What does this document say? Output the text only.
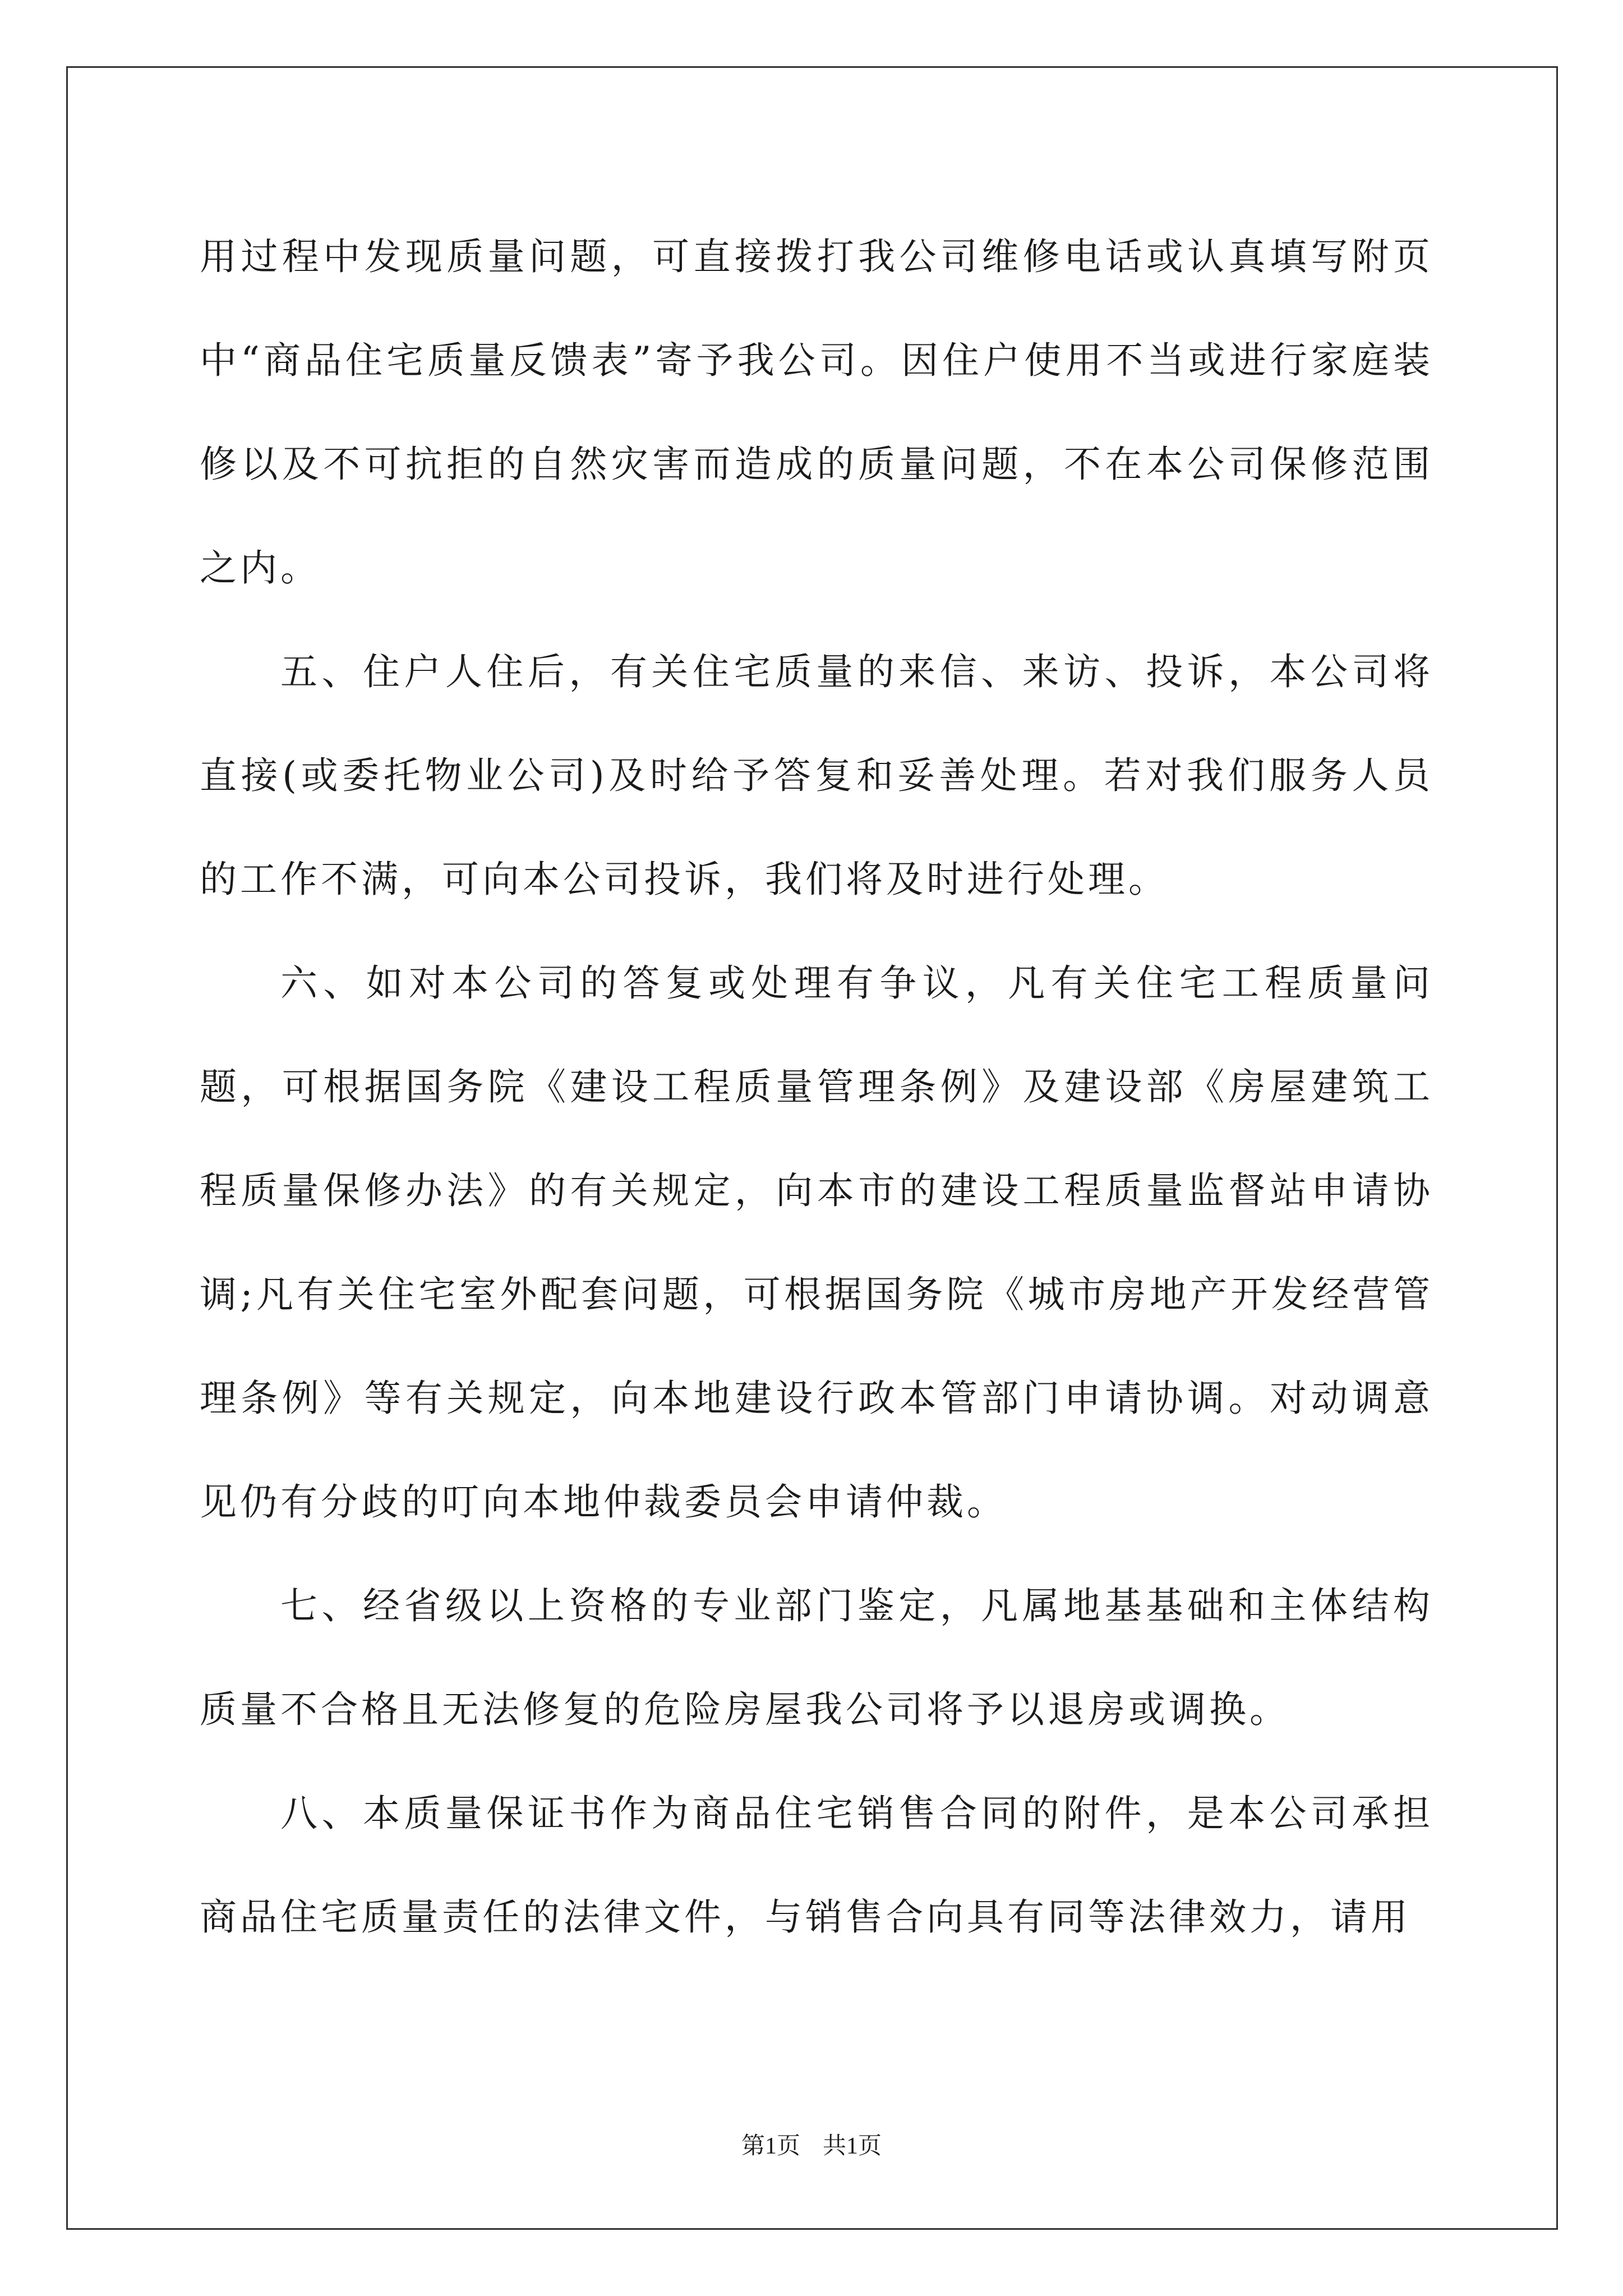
用过程中发现质量问题，可直接拨打我公司维修电话或认真填写附页中“商品住宅质量反馈表”寄予我公司。因住户使用不当或进行家庭装修以及不可抗拒的自然灾害而造成的质量问题，不在本公司保修范围之内。

五、住户人住后，有关住宅质量的来信、来访、投诉，本公司将直接(或委托物业公司)及时给予答复和妥善处理。若对我们服务人员的工作不满，可向本公司投诉，我们将及时进行处理。

六、如对本公司的答复或处理有争议，凡有关住宅工程质量问题，可根据国务院《建设工程质量管理条例》及建设部《房屋建筑工程质量保修办法》的有关规定，向本市的建设工程质量监督站申请协调;凡有关住宅室外配套问题，可根据国务院《城市房地产开发经营管理条例》等有关规定，向本地建设行政本管部门申请协调。对动调意见仍有分歧的叮向本地仲裁委员会申请仲裁。

七、经省级以上资格的专业部门鉴定，凡属地基基础和主体结构质量不合格且无法修复的危险房屋我公司将予以退房或调换。

八、本质量保证书作为商品住宅销售合同的附件，是本公司承担商品住宅质量责任的法律文件，与销售合向具有同等法律效力，请用

第1页 共1页
